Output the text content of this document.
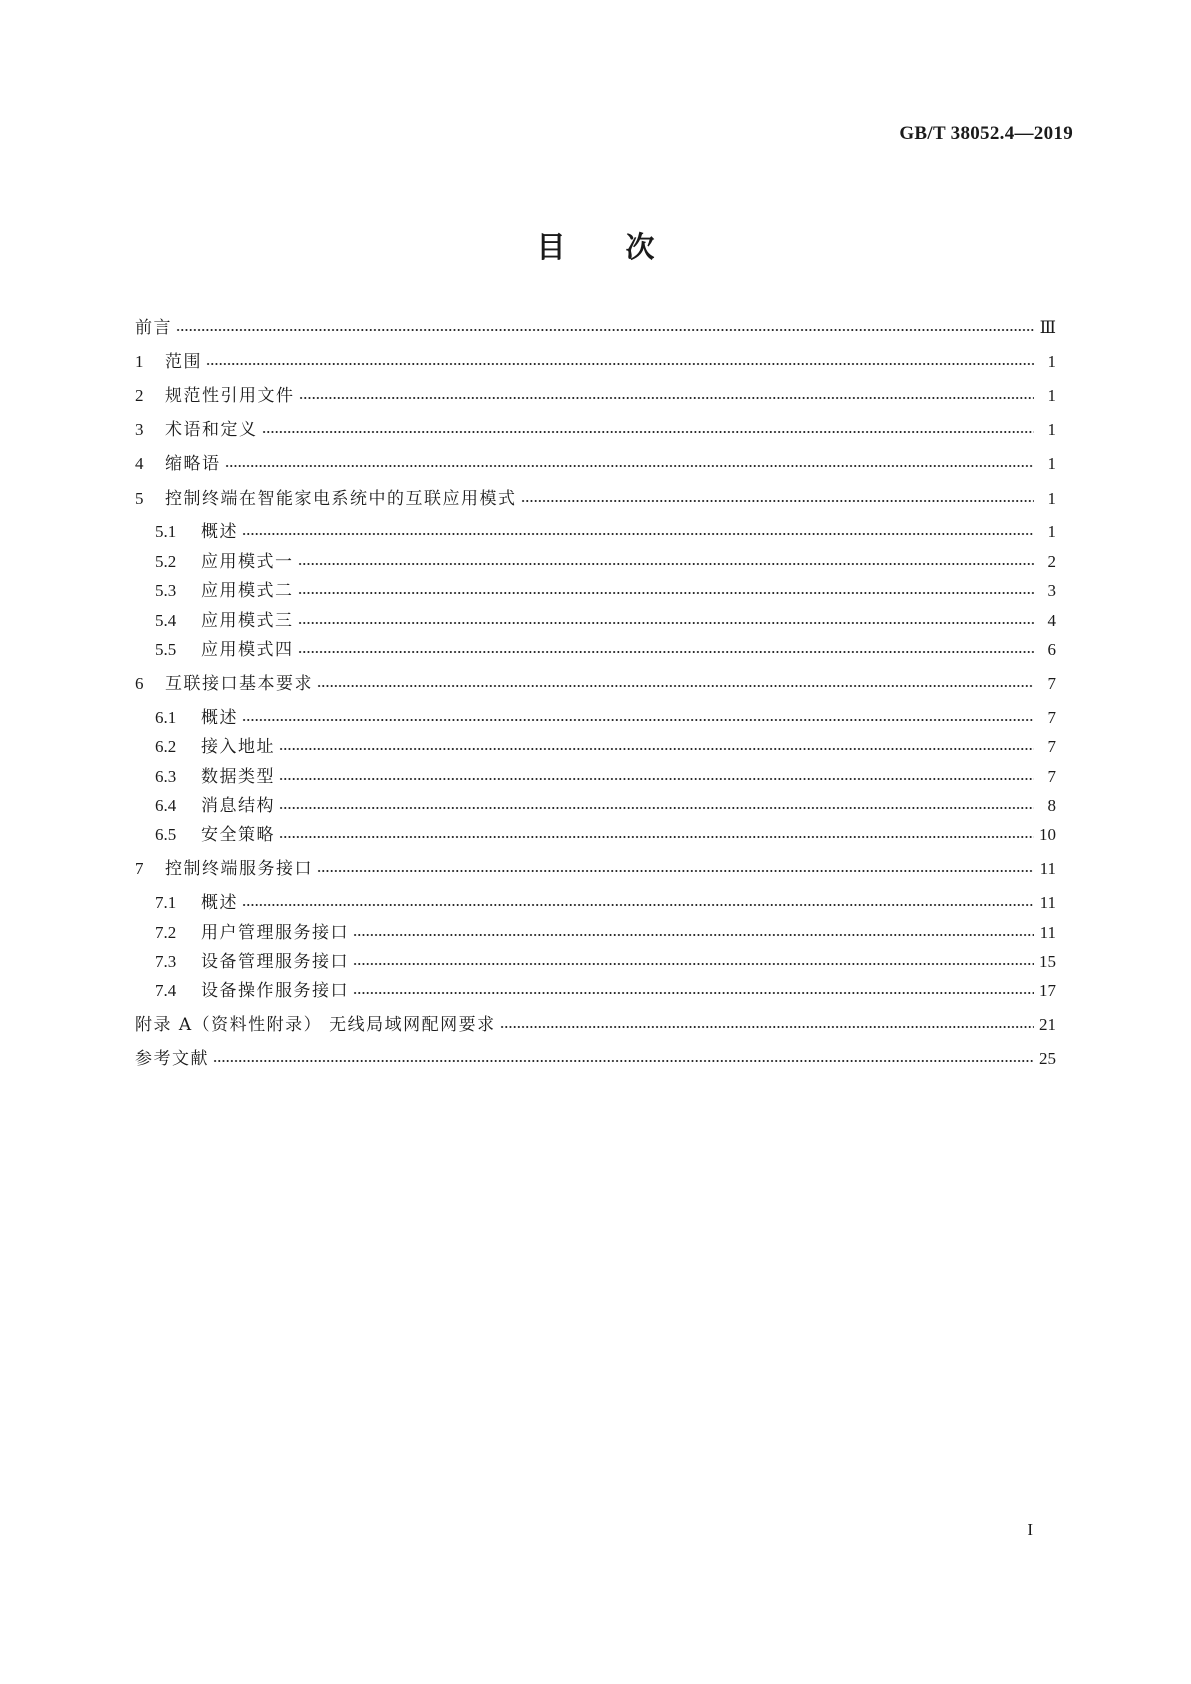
GB/T 38052.4—2019
目 次
前言	Ⅲ
1	范围	1
2	规范性引用文件	1
3	术语和定义	1
4	缩略语	1
5	控制终端在智能家电系统中的互联应用模式	1
5.1	概述	1
5.2	应用模式一	2
5.3	应用模式二	3
5.4	应用模式三	4
5.5	应用模式四	6
6	互联接口基本要求	7
6.1	概述	7
6.2	接入地址	7
6.3	数据类型	7
6.4	消息结构	8
6.5	安全策略	10
7	控制终端服务接口	11
7.1	概述	11
7.2	用户管理服务接口	11
7.3	设备管理服务接口	15
7.4	设备操作服务接口	17
附录 A（资料性附录） 无线局域网配网要求	21
参考文献	25
I
